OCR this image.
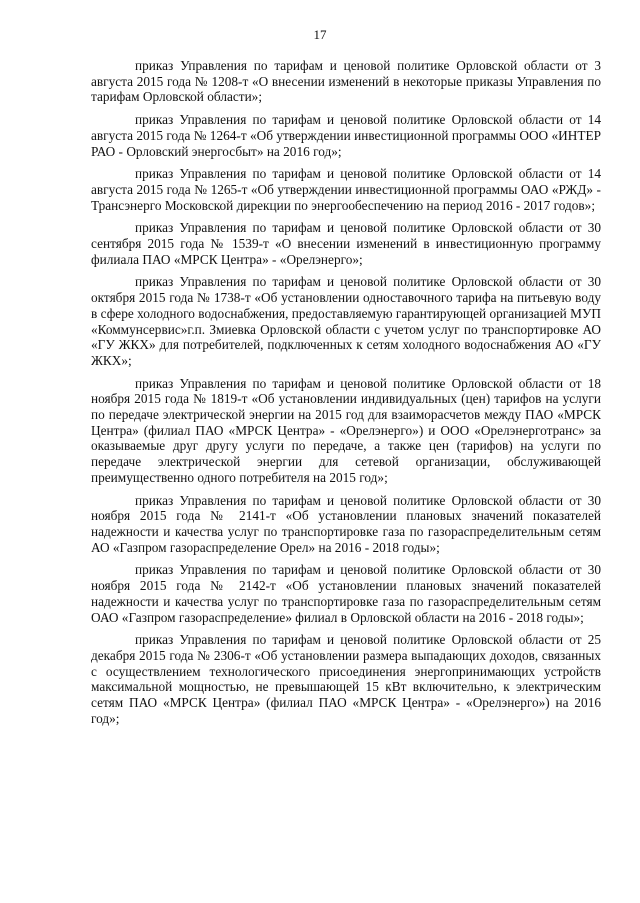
17

приказ Управления по тарифам и ценовой политике Орловской области от 3 августа 2015 года № 1208-т «О внесении изменений в некоторые приказы Управления по тарифам Орловской области»;

приказ Управления по тарифам и ценовой политике Орловской области от 14 августа 2015 года № 1264-т «Об утверждении инвестиционной программы ООО «ИНТЕР РАО - Орловский энергосбыт» на 2016 год»;

приказ Управления по тарифам и ценовой политике Орловской области от 14 августа 2015 года № 1265-т «Об утверждении инвестиционной программы ОАО «РЖД» - Трансэнерго Московской дирекции по энергообеспечению на период 2016 - 2017 годов»;

приказ Управления по тарифам и ценовой политике Орловской области от 30 сентября 2015 года № 1539-т «О внесении изменений в инвестиционную программу филиала ПАО «МРСК Центра» - «Орелэнерго»;

приказ Управления по тарифам и ценовой политике Орловской области от 30 октября 2015 года № 1738-т «Об установлении одноставочного тарифа на питьевую воду в сфере холодного водоснабжения, предоставляемую гарантирующей организацией МУП «Коммунсервис»г.п. Змиевка Орловской области с учетом услуг по транспортировке АО «ГУ ЖКХ» для потребителей, подключенных к сетям холодного водоснабжения АО «ГУ ЖКХ»;

приказ Управления по тарифам и ценовой политике Орловской области от 18 ноября 2015 года № 1819-т «Об установлении индивидуальных (цен) тарифов на услуги по передаче электрической энергии на 2015 год для взаиморасчетов между ПАО «МРСК Центра» (филиал ПАО «МРСК Центра» - «Орелэнерго») и ООО «Орелэнерготранс» за оказываемые друг другу услуги по передаче, а также цен (тарифов) на услуги по передаче электрической энергии для сетевой организации, обслуживающей преимущественно одного потребителя на 2015 год»;

приказ Управления по тарифам и ценовой политике Орловской области от 30 ноября 2015 года № 2141-т «Об установлении плановых значений показателей надежности и качества услуг по транспортировке газа по газораспределительным сетям АО «Газпром газораспределение Орел» на 2016 - 2018 годы»;

приказ Управления по тарифам и ценовой политике Орловской области от 30 ноября 2015 года № 2142-т «Об установлении плановых значений показателей надежности и качества услуг по транспортировке газа по газораспределительным сетям ОАО «Газпром газораспределение» филиал в Орловской области на 2016 - 2018 годы»;

приказ Управления по тарифам и ценовой политике Орловской области от 25 декабря 2015 года № 2306-т «Об установлении размера выпадающих доходов, связанных с осуществлением технологического присоединения энергопринимающих устройств максимальной мощностью, не превышающей 15 кВт включительно, к электрическим сетям ПАО «МРСК Центра» (филиал ПАО «МРСК Центра» - «Орелэнерго») на 2016 год»;
